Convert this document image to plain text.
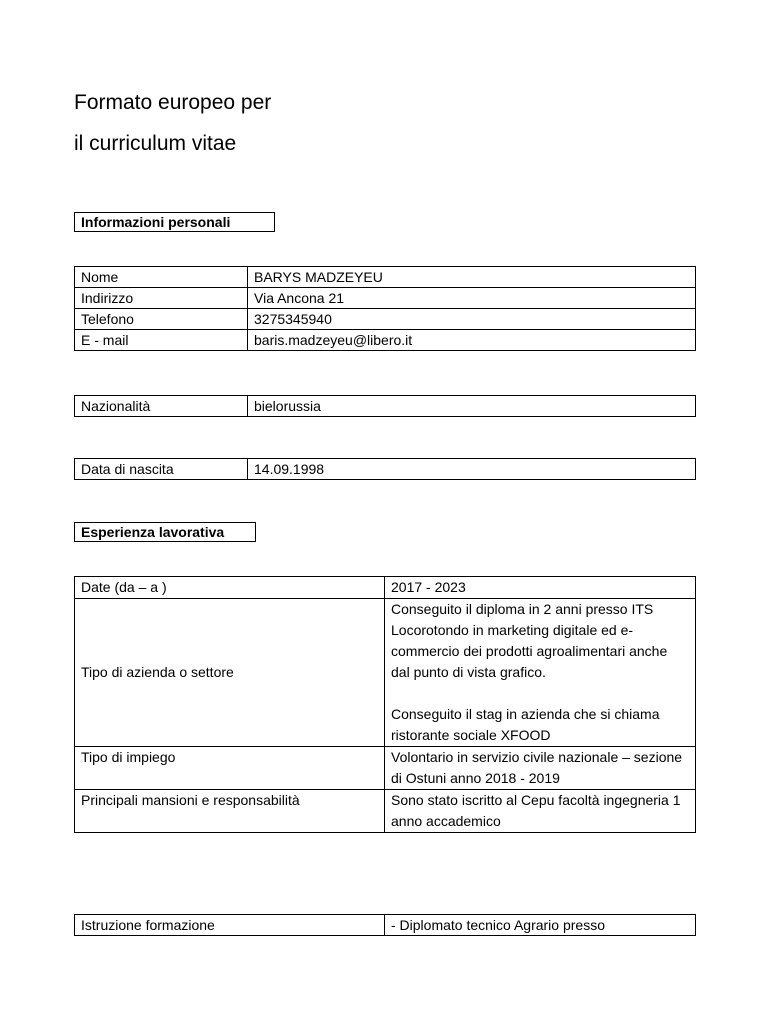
Formato europeo per
il curriculum vitae
Informazioni personali
Nome	BARYS MADZEYEU
Indirizzo	Via Ancona 21
Telefono	3275345940
E - mail	baris.madzeyeu@libero.it
Nazionalità	bielorussia
Data di nascita	14.09.1998
Esperienza lavorativa
Date (da – a )	2017 - 2023
Tipo di azienda o settore	Conseguito il diploma in 2 anni presso ITS Locorotondo in marketing digitale ed e- commercio dei prodotti agroalimentari anche dal punto di vista grafico.
Conseguito il stag in azienda che si chiama ristorante sociale XFOOD

Tipo di impiego	Volontario in servizio civile nazionale – sezione di Ostuni anno 2018 - 2019
Principali mansioni e responsabilità	Sono stato iscritto al Cepu facoltà ingegneria 1 anno accademico
Istruzione formazione	- Diplomato tecnico Agrario presso
